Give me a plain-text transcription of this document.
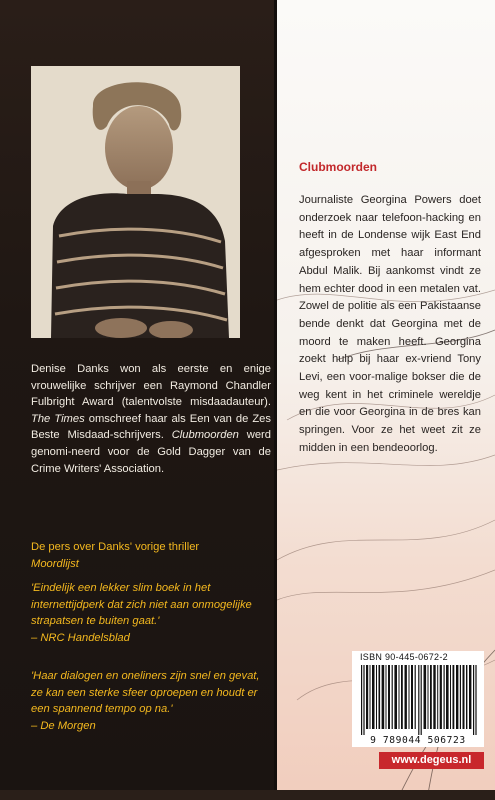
Denise Danks won als eerste en enige vrouwelijke schrijver een Raymond Chandler Fulbright Award (talentvolste misdaadauteur). The Times omschreef haar als Een van de Zes Beste Misdaad-schrijvers. Clubmoorden werd genomi-neerd voor de Gold Dagger van de Crime Writers' Association.
De pers over Danks' vorige thriller
Moordlijst
'Eindelijk een lekker slim boek in het internettijdperk dat zich niet aan onmogelijke strapatsen te buiten gaat.'
– NRC Handelsblad
'Haar dialogen en oneliners zijn snel en gevat, ze kan een sterke sfeer oproepen en houdt er een spannend tempo op na.'
– De Morgen
Clubmoorden
Journaliste Georgina Powers doet onderzoek naar telefoon-hacking en heeft in de Londense wijk East End afgesproken met haar informant Abdul Malik. Bij aankomst vindt ze hem echter dood in een metalen vat. Zowel de politie als een Pakistaanse bende denkt dat Georgina met de moord te maken heeft. Georgina zoekt hulp bij haar ex-vriend Tony Levi, een voor-malige bokser die de weg kent in het criminele wereldje en die voor Georgina in de bres kan springen. Voor ze het weet zit ze midden in een bendeoorlog.
ISBN 90-445-0672-2
9 789044 506723
www.degeus.nl
